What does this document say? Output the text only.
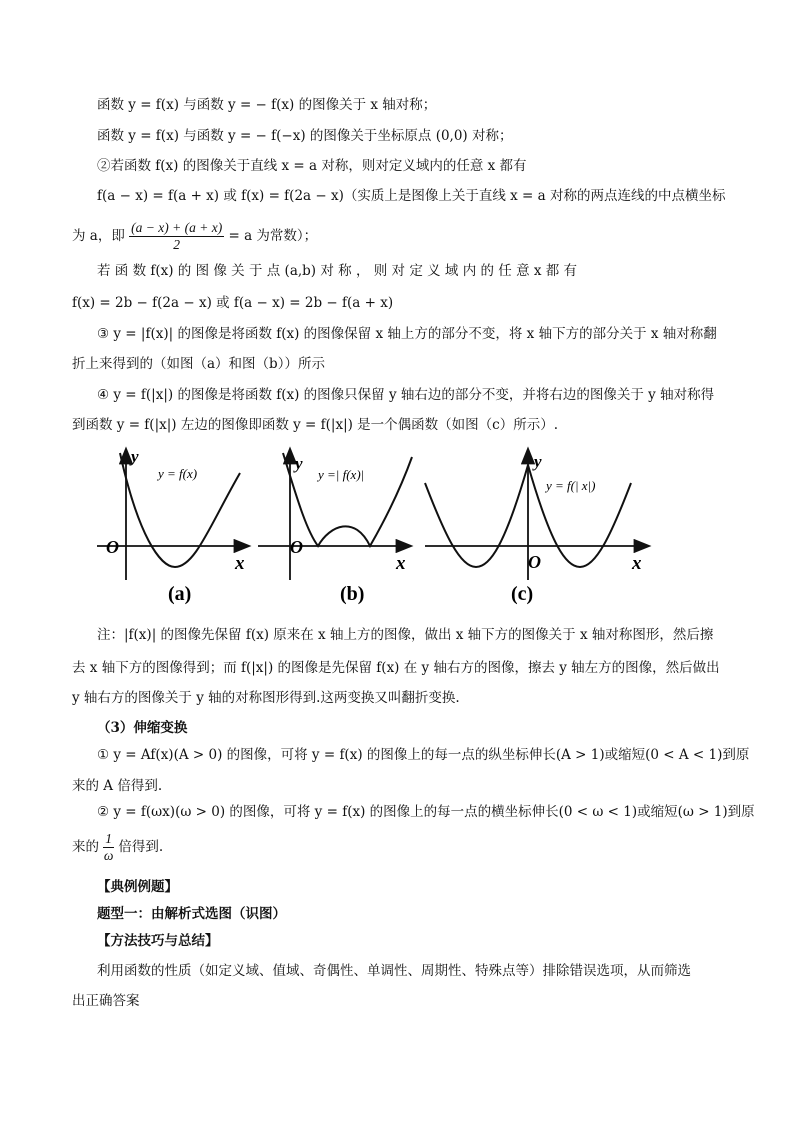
函数 y = f(x) 与函数 y = − f(x) 的图像关于 x 轴对称；
函数 y = f(x) 与函数 y = − f(−x) 的图像关于坐标原点 (0,0) 对称；
②若函数 f(x) 的图像关于直线 x = a 对称，则对定义域内的任意 x 都有
f(a − x) = f(a + x) 或 f(x) = f(2a − x)（实质上是图像上关于直线 x = a 对称的两点连线的中点横坐标
为 a，即 $\frac{(a - x) + (a + x)}{2} = a$ 为常数）；
若 函 数 f(x) 的 图 像 关 于 点 (a,b) 对 称 ， 则 对 定 义 域 内 的 任 意 x 都 有
f(x) = 2b − f(2a − x) 或 f(a − x) = 2b − f(a + x)
③ y = |f(x)| 的图像是将函数 f(x) 的图像保留 x 轴上方的部分不变，将 x 轴下方的部分关于 x 轴对称翻
折上来得到的（如图（a）和图（b））所示
④ y = f(|x|) 的图像是将函数 f(x) 的图像只保留 y 轴右边的部分不变，并将右边的图像关于 y 轴对称得
到函数 y = f(|x|) 左边的图像即函数 y = f(|x|) 是一个偶函数（如图（c）所示）.
y
y = f(x)
O
x
(a)
y
y =| f(x)|
O
x
(b)
y
y = f(| x|)
O	x
(c)
注：|f(x)| 的图像先保留 f(x) 原来在 x 轴上方的图像，做出 x 轴下方的图像关于 x 轴对称图形，然后擦
去 x 轴下方的图像得到；而 f(|x|) 的图像是先保留 f(x) 在 y 轴右方的图像，擦去 y 轴左方的图像，然后做出
y 轴右方的图像关于 y 轴的对称图形得到.这两变换又叫翻折变换.
（3）伸缩变换
① y = Af(x)(A > 0) 的图像，可将 y = f(x) 的图像上的每一点的纵坐标伸长(A > 1)或缩短(0 < A < 1)到原
来的 A 倍得到.
② y = f(ωx)(ω > 0) 的图像，可将 y = f(x) 的图像上的每一点的横坐标伸长(0 < ω < 1)或缩短(ω > 1)到原
来的 $\frac{1}{\omega}$ 倍得到.
【典例例题】
题型一：由解析式选图（识图）
【方法技巧与总结】
利用函数的性质（如定义域、值域、奇偶性、单调性、周期性、特殊点等）排除错误选项，从而筛选
出正确答案
